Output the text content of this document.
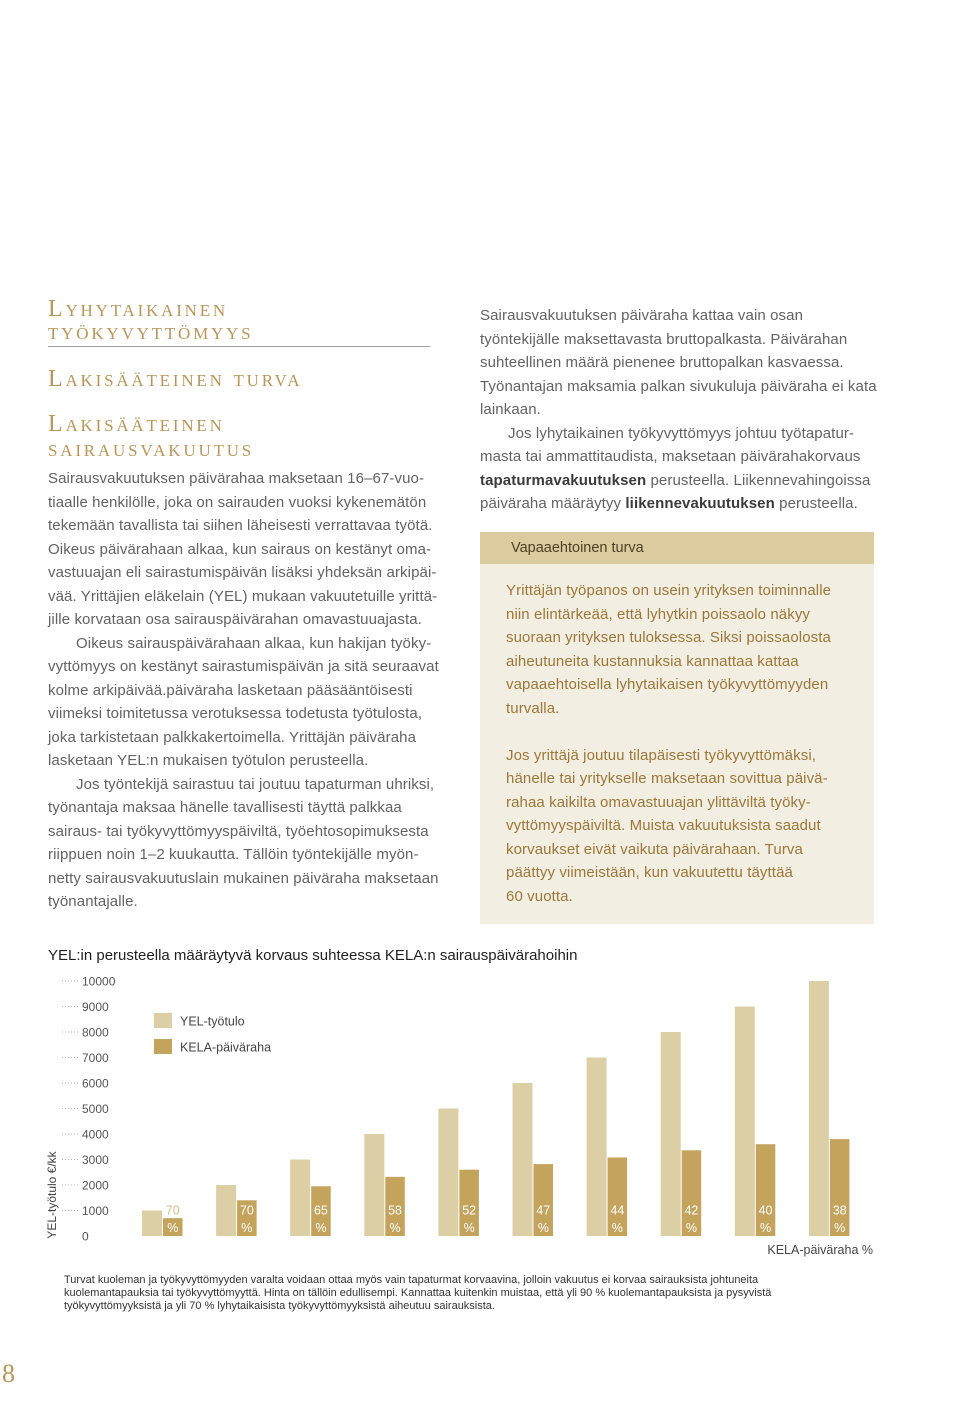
Lyhytaikainen
työkyvyttömyys
Lakisääteinen turva
Lakisääteinen
sairausvakuutus
Sairausvakuutuksen päivärahaa maksetaan 16–67-vuo-
tiaalle henkilölle, joka on sairauden vuoksi kykenemätön
tekemään tavallista tai siihen läheisesti verrattavaa työtä.
Oikeus päivärahaan alkaa, kun sairaus on kestänyt oma-
vastuuajan eli sairastumispäivän lisäksi yhdeksän arkipäi-
vää. Yrittäjien eläkelain (YEL) mukaan vakuutetuille yrittä-
jille korvataan osa sairauspäivärahan omavastuuajasta.
Oikeus sairauspäivärahaan alkaa, kun hakijan työky-
vyttömyys on kestänyt sairastumispäivän ja sitä seuraavat
kolme arkipäivää.päiväraha lasketaan pääsääntöisesti
viimeksi toimitetussa verotuksessa todetusta työtulosta,
joka tarkistetaan palkkakertoimella. Yrittäjän päiväraha
lasketaan YEL:n mukaisen työtulon perusteella.
Jos työntekijä sairastuu tai joutuu tapaturman uhriksi,
työnantaja maksaa hänelle tavallisesti täyttä palkkaa
sairaus- tai työkyvyttömyyspäiviltä, työehtosopimuksesta
riippuen noin 1–2 kuukautta. Tällöin työntekijälle myön-
netty sairausvakuutuslain mukainen päiväraha maksetaan
työnantajalle.
Sairausvakuutuksen päiväraha kattaa vain osan
työntekijälle maksettavasta bruttopalkasta. Päivärahan
suhteellinen määrä pienenee bruttopalkan kasvaessa.
Työnantajan maksamia palkan sivukuluja päiväraha ei kata
lainkaan.
Jos lyhytaikainen työkyvyttömyys johtuu työtapatur-
masta tai ammattitaudista, maksetaan päivärahakorvaus
tapaturmavakuutuksen perusteella. Liikennevahingoissa
päiväraha määräytyy liikennevakuutuksen perusteella.
Vapaaehtoinen turva
Yrittäjän työpanos on usein yrityksen toiminnalle
niin elintärkeää, että lyhytkin poissaolo näkyy
suoraan yrityksen tuloksessa. Siksi poissaolosta
aiheutuneita kustannuksia kannattaa kattaa
vapaaehtoisella lyhytaikaisen työkyvyttömyyden
turvalla.
Jos yrittäjä joutuu tilapäisesti työkyvyttömäksi,
hänelle tai yritykselle maksetaan sovittua päivä-
rahaa kaikilta omavastuuajan ylittäviltä työky-
vyttömyyspäiviltä. Muista vakuutuksista saadut
korvaukset eivät vaikuta päivärahaan. Turva
päättyy viimeistään, kun vakuutettu täyttää
60 vuotta.
YEL:in perusteella määräytyvä korvaus suhteessa KELA:n sairauspäivärahoihin
0
1000
2000
3000
4000
5000
6000
7000
8000
9000
10000
70
%
70
%
65
%
58
%
52
%
47
%
44
%
42
%
40
%
38
%
YEL-työtulo
KELA-päiväraha
YEL-työtulo €/kk
KELA-päiväraha %
Turvat kuoleman ja työkyvyttömyyden varalta voidaan ottaa myös vain tapaturmat korvaavina, jolloin vakuutus ei korvaa sairauksista johtuneita
kuolemantapauksia tai työkyvyttömyyttä. Hinta on tällöin edullisempi. Kannattaa kuitenkin muistaa, että yli 90 % kuolemantapauksista ja pysyvistä
työkyvyttömyyksistä ja yli 70 % lyhytaikaisista työkyvyttömyyksistä aiheutuu sairauksista.
8
